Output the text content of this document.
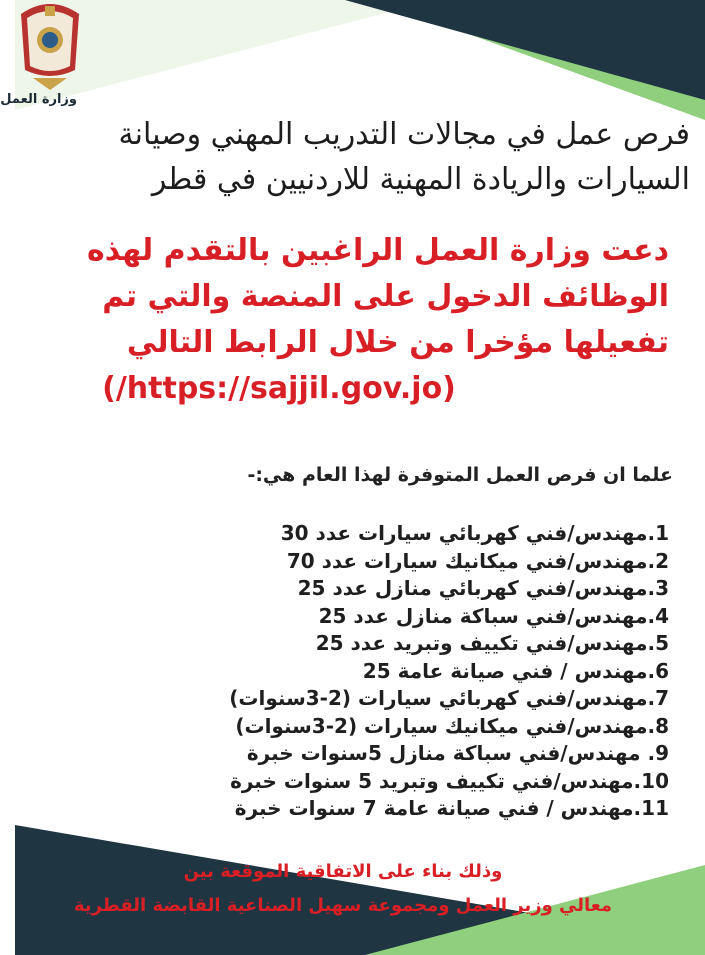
وزارة العمل
فرص عمل في مجالات التدريب المهني وصيانة
السيارات والريادة المهنية للاردنيين في قطر
دعت وزارة العمل الراغبين بالتقدم لهذه
الوظائف الدخول على المنصة والتي تم
تفعيلها مؤخرا من خلال الرابط التالي
(/https://sajjil.gov.jo)
علما ان فرص العمل المتوفرة لهذا العام هي:-
1.مهندس/فني كهربائي سيارات عدد 30
2.مهندس/فني ميكانيك سيارات عدد 70
3.مهندس/فني كهربائي منازل عدد 25
4.مهندس/فني سباكة منازل عدد 25
5.مهندس/فني تكييف وتبريد عدد 25
6.مهندس / فني صيانة عامة 25
7.مهندس/فني كهربائي سيارات (2-3سنوات)
8.مهندس/فني ميكانيك سيارات (2-3سنوات)
9. مهندس/فني سباكة منازل 5سنوات خبرة
10.مهندس/فني تكييف وتبريد 5 سنوات خبرة
11.مهندس / فني صيانة عامة 7 سنوات خبرة
وذلك بناء على الاتفاقية الموقعة بين
معالي وزير العمل ومجموعة سهيل الصناعية القابضة القطرية
